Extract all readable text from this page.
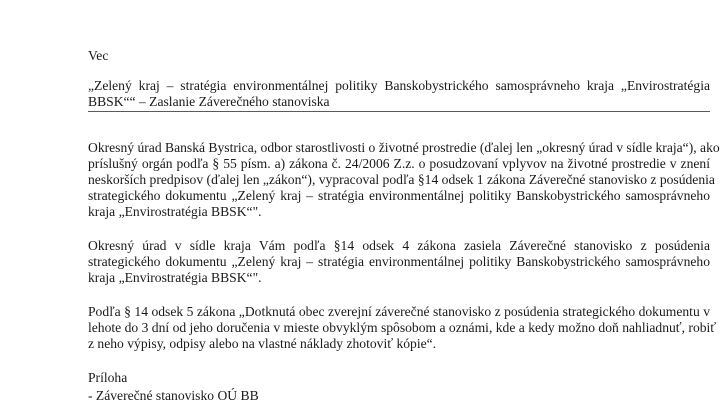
Vec
„Zelený kraj – stratégia environmentálnej politiky Banskobystrického samosprávneho kraja „Envirostratégia
BBSK““ – Zaslanie Záverečného stanoviska

Okresný úrad Banská Bystrica, odbor starostlivosti o životné prostredie (ďalej len „okresný úrad v sídle kraja“), ako
príslušný orgán podľa § 55 písm. a) zákona č. 24/2006 Z.z. o posudzovaní vplyvov na životné prostredie v znení
neskorších predpisov (ďalej len „zákon“), vypracoval podľa §14 odsek 1 zákona Záverečné stanovisko z posúdenia
strategického dokumentu „Zelený kraj – stratégia environmentálnej politiky Banskobystrického samosprávneho
kraja „Envirostratégia BBSK“".

Okresný úrad v sídle kraja Vám podľa §14 odsek 4 zákona zasiela Záverečné stanovisko z posúdenia
strategického dokumentu „Zelený kraj – stratégia environmentálnej politiky Banskobystrického samosprávneho
kraja „Envirostratégia BBSK“".

Podľa § 14 odsek 5 zákona „Dotknutá obec zverejní záverečné stanovisko z posúdenia strategického dokumentu v
lehote do 3 dní od jeho doručenia v mieste obvyklým spôsobom a oznámi, kde a kedy možno doň nahliadnuť, robiť
z neho výpisy, odpisy alebo na vlastné náklady zhotoviť kópie“.

Príloha
- Záverečné stanovisko OÚ BB
